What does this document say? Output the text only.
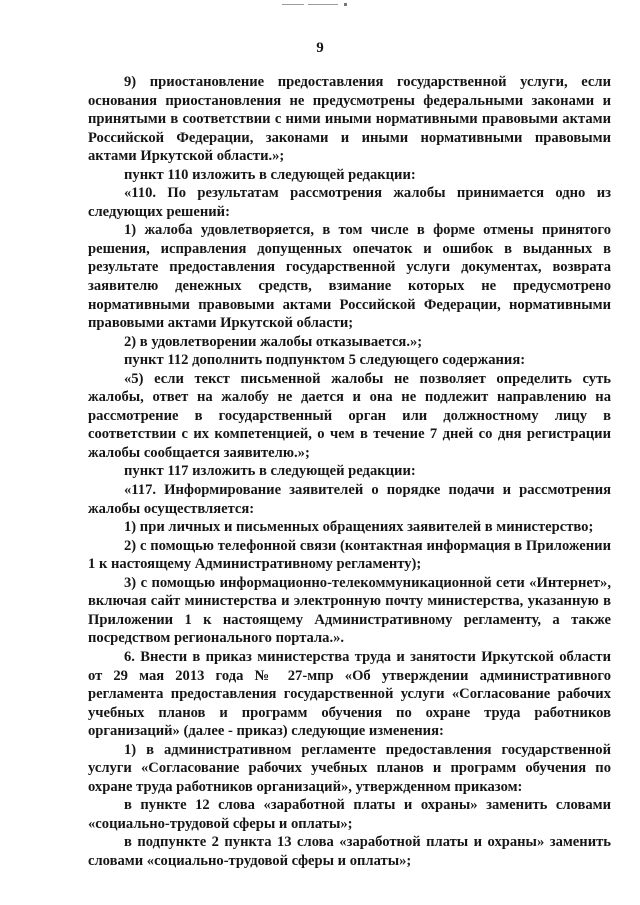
9

9) приостановление предоставления государственной услуги, если основания приостановления не предусмотрены федеральными законами и принятыми в соответствии с ними иными нормативными правовыми актами Российской Федерации, законами и иными нормативными правовыми актами Иркутской области.»;

пункт 110 изложить в следующей редакции:

«110. По результатам рассмотрения жалобы принимается одно из следующих решений:

1) жалоба удовлетворяется, в том числе в форме отмены принятого решения, исправления допущенных опечаток и ошибок в выданных в результате предоставления государственной услуги документах, возврата заявителю денежных средств, взимание которых не предусмотрено нормативными правовыми актами Российской Федерации, нормативными правовыми актами Иркутской области;

2) в удовлетворении жалобы отказывается.»;

пункт 112 дополнить подпунктом 5 следующего содержания:

«5) если текст письменной жалобы не позволяет определить суть жалобы, ответ на жалобу не дается и она не подлежит направлению на рассмотрение в государственный орган или должностному лицу в соответствии с их компетенцией, о чем в течение 7 дней со дня регистрации жалобы сообщается заявителю.»;

пункт 117 изложить в следующей редакции:

«117. Информирование заявителей о порядке подачи и рассмотрения жалобы осуществляется:

1) при личных и письменных обращениях заявителей в министерство;

2) с помощью телефонной связи (контактная информация в Приложении 1 к настоящему Административному регламенту);

3) с помощью информационно-телекоммуникационной сети «Интернет», включая сайт министерства и электронную почту министерства, указанную в Приложении 1 к настоящему Административному регламенту, а также посредством регионального портала.».

6. Внести в приказ министерства труда и занятости Иркутской области от 29 мая 2013 года № 27-мпр «Об утверждении административного регламента предоставления государственной услуги «Согласование рабочих учебных планов и программ обучения по охране труда работников организаций» (далее - приказ) следующие изменения:

1) в административном регламенте предоставления государственной услуги «Согласование рабочих учебных планов и программ обучения по охране труда работников организаций», утвержденном приказом:

в пункте 12 слова «заработной платы и охраны» заменить словами «социально-трудовой сферы и оплаты»;

в подпункте 2 пункта 13 слова «заработной платы и охраны» заменить словами «социально-трудовой сферы и оплаты»;
